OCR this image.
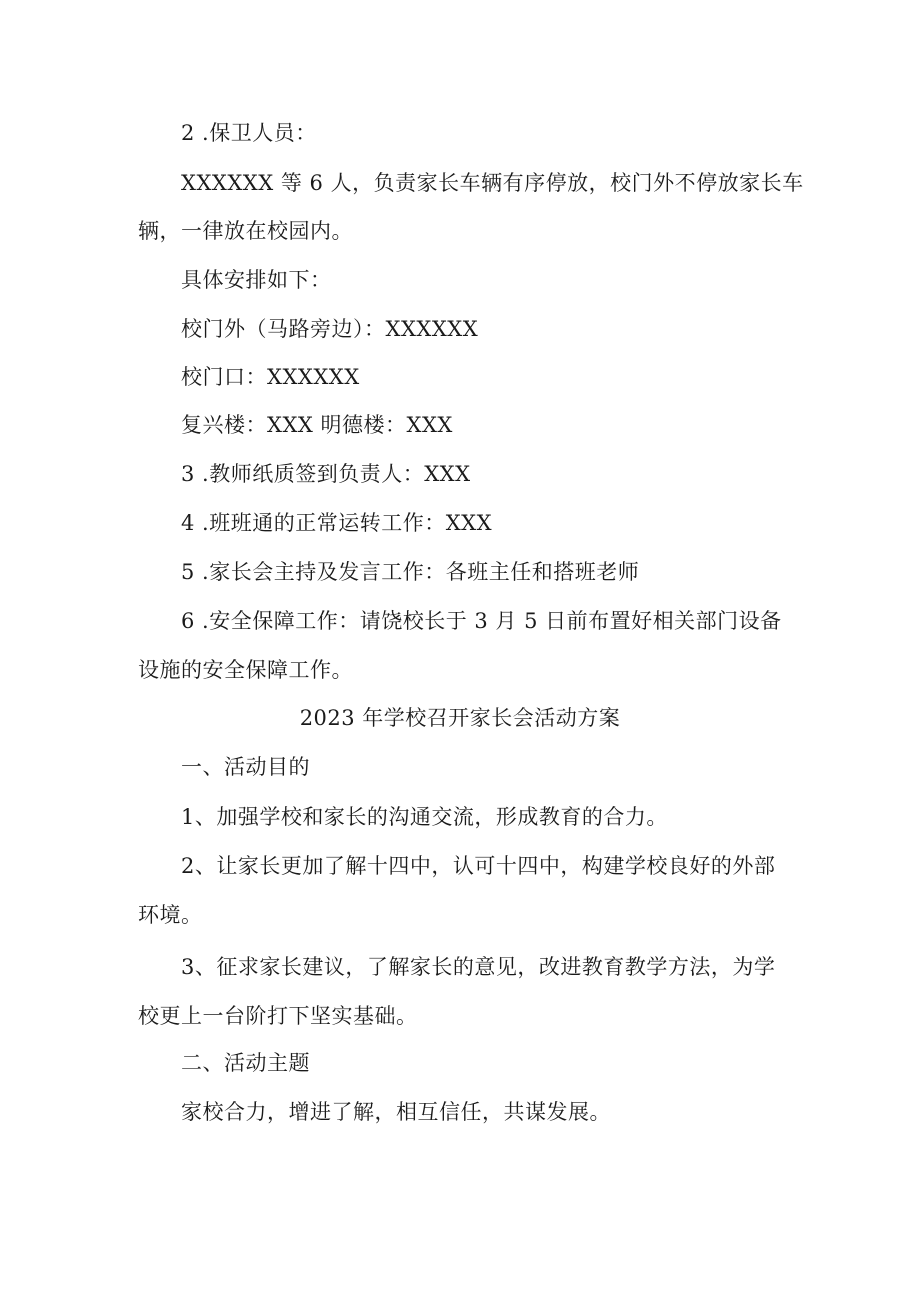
2 .保卫人员：
XXXXXX 等 6 人，负责家长车辆有序停放，校门外不停放家长车
辆，一律放在校园内。
具体安排如下：
校门外（马路旁边）：XXXXXX
校门口：XXXXXX
复兴楼：XXX 明德楼：XXX
3 .教师纸质签到负责人：XXX
4 .班班通的正常运转工作：XXX
5 .家长会主持及发言工作：各班主任和搭班老师
6 .安全保障工作：请饶校长于 3 月 5 日前布置好相关部门设备
设施的安全保障工作。
2023 年学校召开家长会活动方案
一、活动目的
1、加强学校和家长的沟通交流，形成教育的合力。
2、让家长更加了解十四中，认可十四中，构建学校良好的外部
环境。
3、征求家长建议，了解家长的意见，改进教育教学方法，为学
校更上一台阶打下坚实基础。
二、活动主题
家校合力，增进了解，相互信任，共谋发展。
